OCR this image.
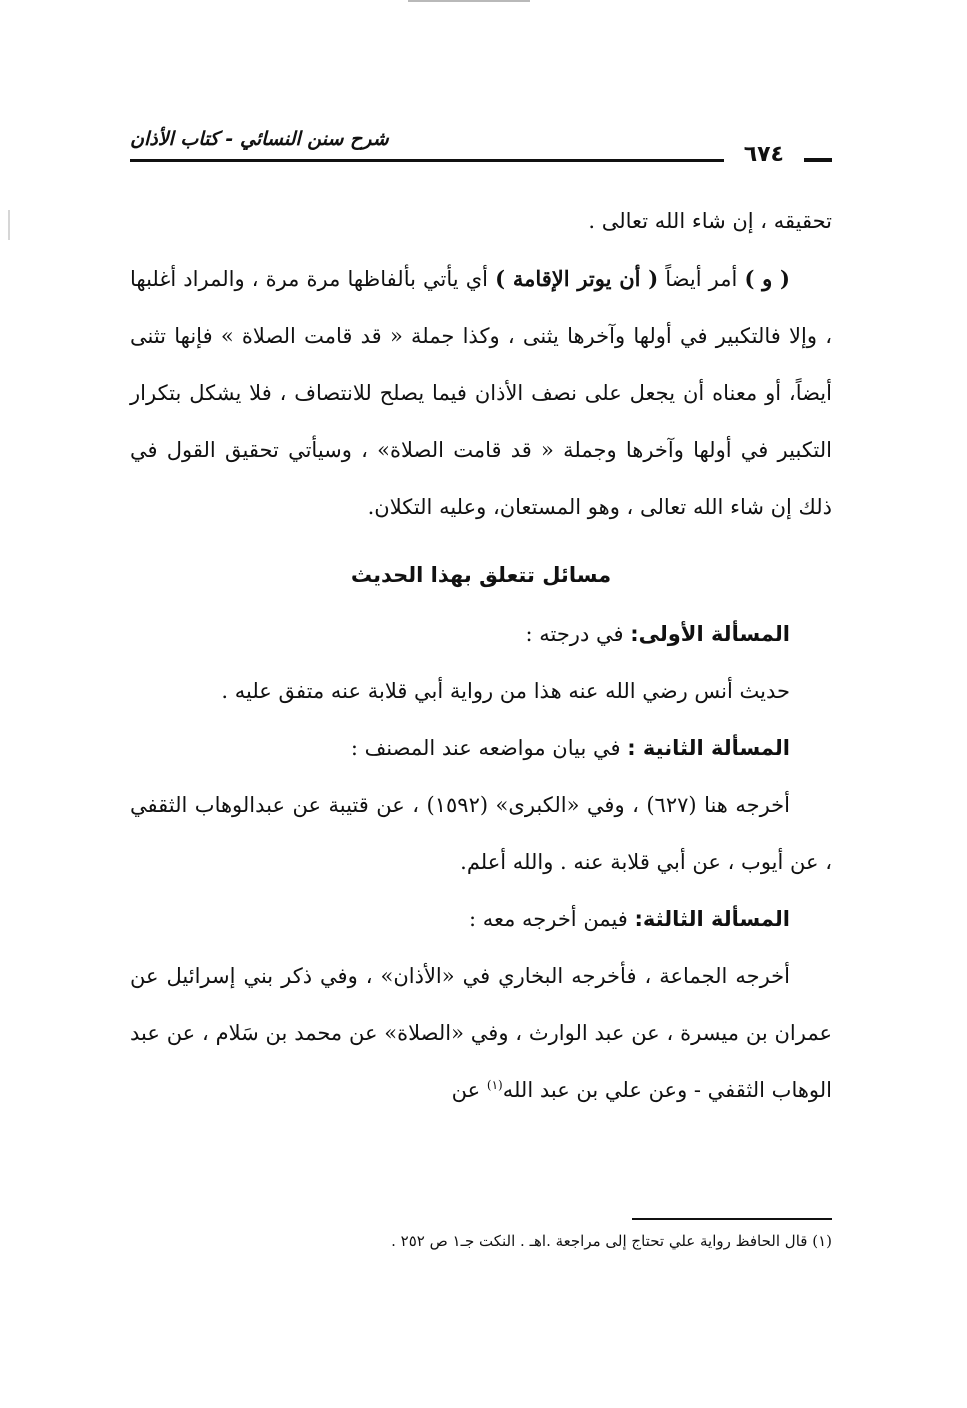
شرح سنن النسائي - كتاب الأذان
٦٧٤

تحقيقه ، إن شاء الله تعالى .

( و ) أمر أيضاً ( أن يوتر الإقامة ) أي يأتي بألفاظها مرة مرة ، والمراد أغلبها ، وإلا فالتكبير في أولها وآخرها يثنى ، وكذا جملة « قد قامت الصلاة » فإنها تثنى أيضاً، أو معناه أن يجعل على نصف الأذان فيما يصلح للانتصاف ، فلا يشكل بتكرار التكبير في أولها وآخرها وجملة « قد قامت الصلاة» ، وسيأتي تحقيق القول في ذلك إن شاء الله تعالى ، وهو المستعان، وعليه التكلان.

مسائل تتعلق بهذا الحديث

المسألة الأولى: في درجته :

حديث أنس رضي الله عنه هذا من رواية أبي قلابة عنه متفق عليه .

المسألة الثانية : في بيان مواضعه عند المصنف :

أخرجه هنا (٦٢٧) ، وفي «الكبرى» (١٥٩٢) ، عن قتيبة عن عبدالوهاب الثقفي ، عن أيوب ، عن أبي قلابة عنه . والله أعلم.

المسألة الثالثة: فيمن أخرجه معه :

أخرجه الجماعة ، فأخرجه البخاري في «الأذان» ، وفي ذكر بني إسرائيل عن عمران بن ميسرة ، عن عبد الوارث ، وفي «الصلاة» عن محمد بن سَلام ، عن عبد الوهاب الثقفي - وعن علي بن عبد الله$^{(١)}$ عن

(١) قال الحافظ رواية علي تحتاج إلى مراجعة .اهـ . النكت جـ١ ص ٢٥٢ .
